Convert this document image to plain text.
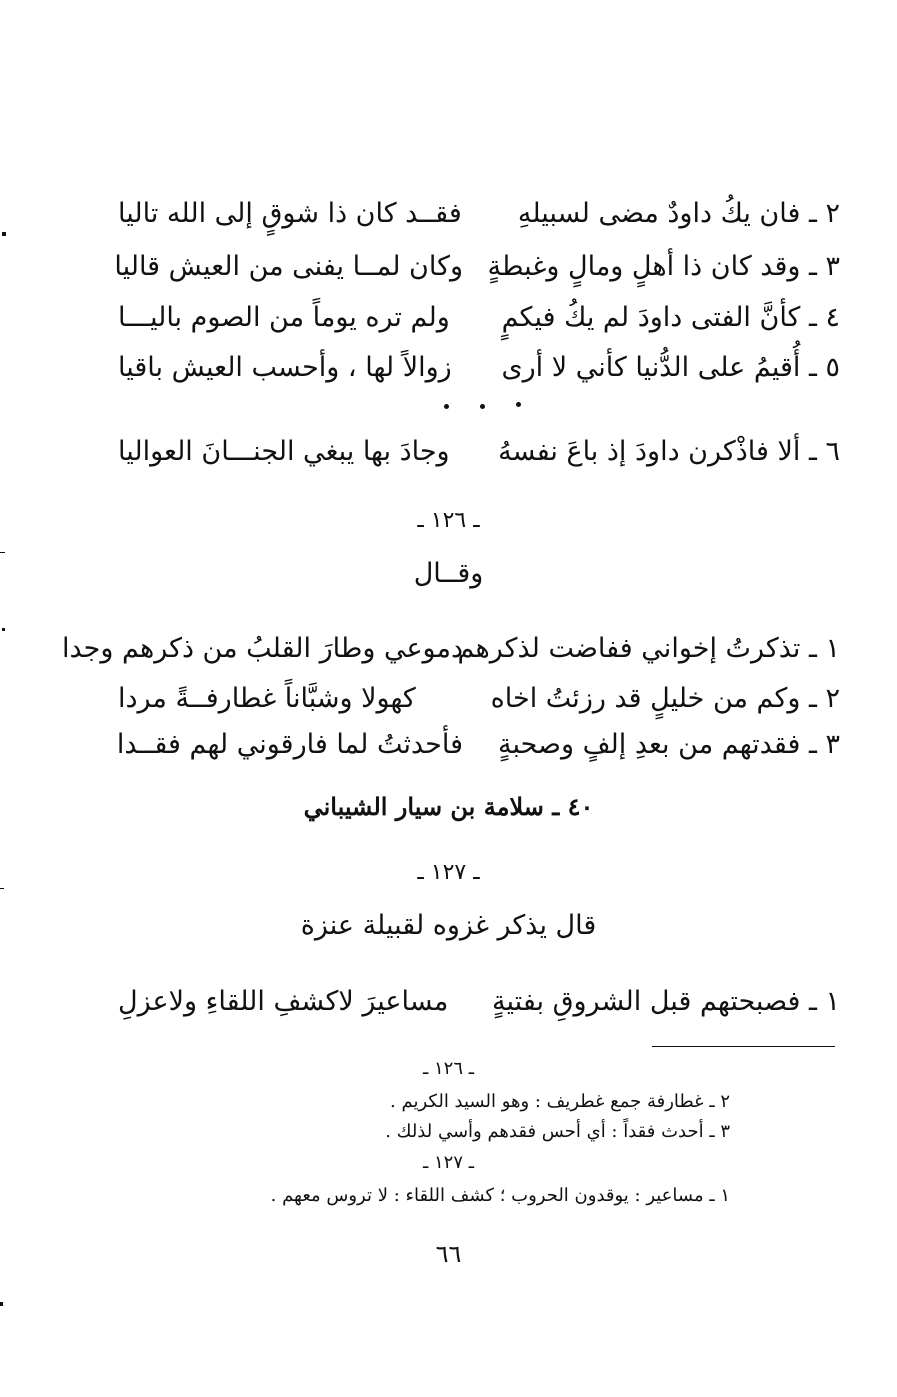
٢ ـ فان يكُ داودٌ مضى لسبيلهِ
فقــد كان ذا شوقٍ إلى الله تاليا
٣ ـ وقد كان ذا أهلٍ ومالٍ وغبطةٍ
وكان لمــا يفنى من العيش قاليا
٤ ـ كأنَّ الفتى داودَ لم يكُ فيكمٍ
ولم تره يوماً من الصوم باليـــا
٥ ـ أُقيمُ على الدُّنيا كأني لا أرى
زوالاً لها ، وأحسب العيش باقيا
٦ ـ ألا فاذْكرن داودَ إذ باعَ نفسهُ
وجادَ بها يبغي الجنـــانَ العواليا
ـ ١٢٦ ـ
وقــال
١ ـ تذكرتُ إخواني ففاضت لذكرهم
دموعي وطارَ القلبُ من ذكرهم وجدا
٢ ـ وكم من خليلٍ قد رزئتُ اخاه
كهولا وشبَّاناً غطارفــةً مردا
٣ ـ فقدتهم من بعدِ إلفٍ وصحبةٍ
فأحدثتُ لما فارقوني لهم فقــدا
٤٠ ـ سلامة بن سيار الشيباني
ـ ١٢٧ ـ
قال يذكر غزوه لقبيلة عنزة
١ ـ فصبحتهم قبل الشروقِ بفتيةٍ
مساعيرَ لاكشفِ اللقاءِ ولاعزلِ
ـ ١٢٦ ـ
٢ ـ غطارفة جمع غطريف : وهو السيد الكريم .
٣ ـ أحدث فقداً : أي أحس فقدهم وأسي لذلك .
ـ ١٢٧ ـ
١ ـ مساعير : يوقدون الحروب ؛ كشف اللقاء : لا تروس معهم .
٦٦
